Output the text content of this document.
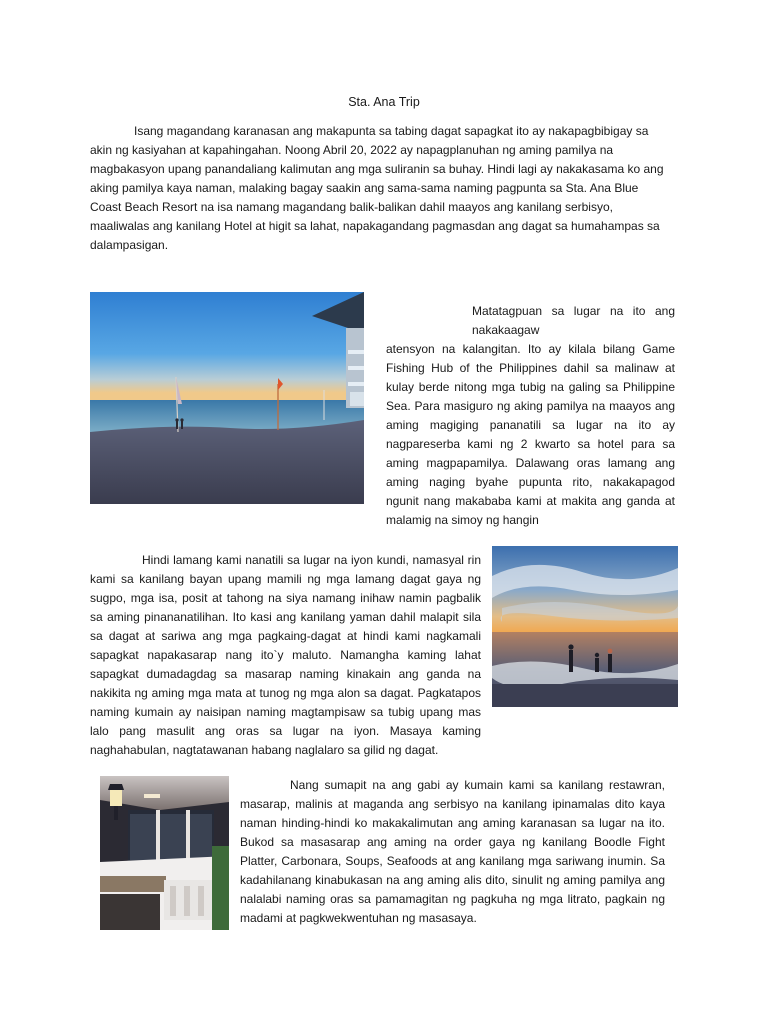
Sta. Ana Trip

Isang magandang karanasan ang makapunta sa tabing dagat sapagkat ito ay nakapagbibigay sa akin ng kasiyahan at kapahingahan. Noong Abril 20, 2022 ay napagplanuhan ng aming pamilya na magbakasyon upang panandaliang kalimutan ang mga suliranin sa buhay. Hindi lagi ay nakakasama ko ang aking pamilya kaya naman, malaking bagay saakin ang sama-sama naming pagpunta sa Sta. Ana Blue Coast Beach Resort na isa namang magandang balik-balikan dahil maayos ang kanilang serbisyo, maaliwalas ang kanilang Hotel at higit sa lahat, napakagandang pagmasdan ang dagat sa humahampas sa dalampasigan.

Matatagpuan sa lugar na ito ang nakakaagaw
atensyon na kalangitan. Ito ay kilala bilang Game Fishing Hub of the Philippines dahil sa malinaw at kulay berde nitong mga tubig na galing sa Philippine Sea. Para masiguro ng aking pamilya na maayos ang aming magiging pananatili sa lugar na ito ay nagpareserba kami ng 2 kwarto sa hotel para sa aming magpapamilya. Dalawang oras lamang ang aming naging byahe pupunta rito, nakakapagod ngunit nang makababa kami at makita ang ganda at malamig na simoy ng hangin

Hindi lamang kami nanatili sa lugar na iyon kundi, namasyal rin kami sa kanilang bayan upang mamili ng mga lamang dagat gaya ng sugpo, mga isa, posit at tahong na siya namang inihaw namin pagbalik sa aming pinananatilihan. Ito kasi ang kanilang yaman dahil malapit sila sa dagat at sariwa ang mga pagkaing-dagat at hindi kami nagkamali sapagkat napakasarap nang ito`y maluto. Namangha kaming lahat sapagkat dumadagdag sa masarap naming kinakain ang ganda na nakikita ng aming mga mata at tunog ng mga alon sa dagat. Pagkatapos naming kumain ay naisipan naming magtampisaw sa tubig upang mas lalo pang masulit ang oras sa lugar na iyon. Masaya kaming naghahabulan, nagtatawanan habang naglalaro sa gilid ng dagat.

Nang sumapit na ang gabi ay kumain kami sa kanilang restawran, masarap, malinis at maganda ang serbisyo na kanilang ipinamalas dito kaya naman hinding-hindi ko makakalimutan ang aming karanasan sa lugar na ito. Bukod sa masasarap ang aming na order gaya ng kanilang Boodle Fight Platter, Carbonara, Soups, Seafoods at ang kanilang mga sariwang inumin. Sa kadahilanang kinabukasan na ang aming alis dito, sinulit ng aming pamilya ang nalalabi naming oras sa pamamagitan ng pagkuha ng mga litrato, pagkain ng madami at pagkwekwentuhan ng masasaya.
